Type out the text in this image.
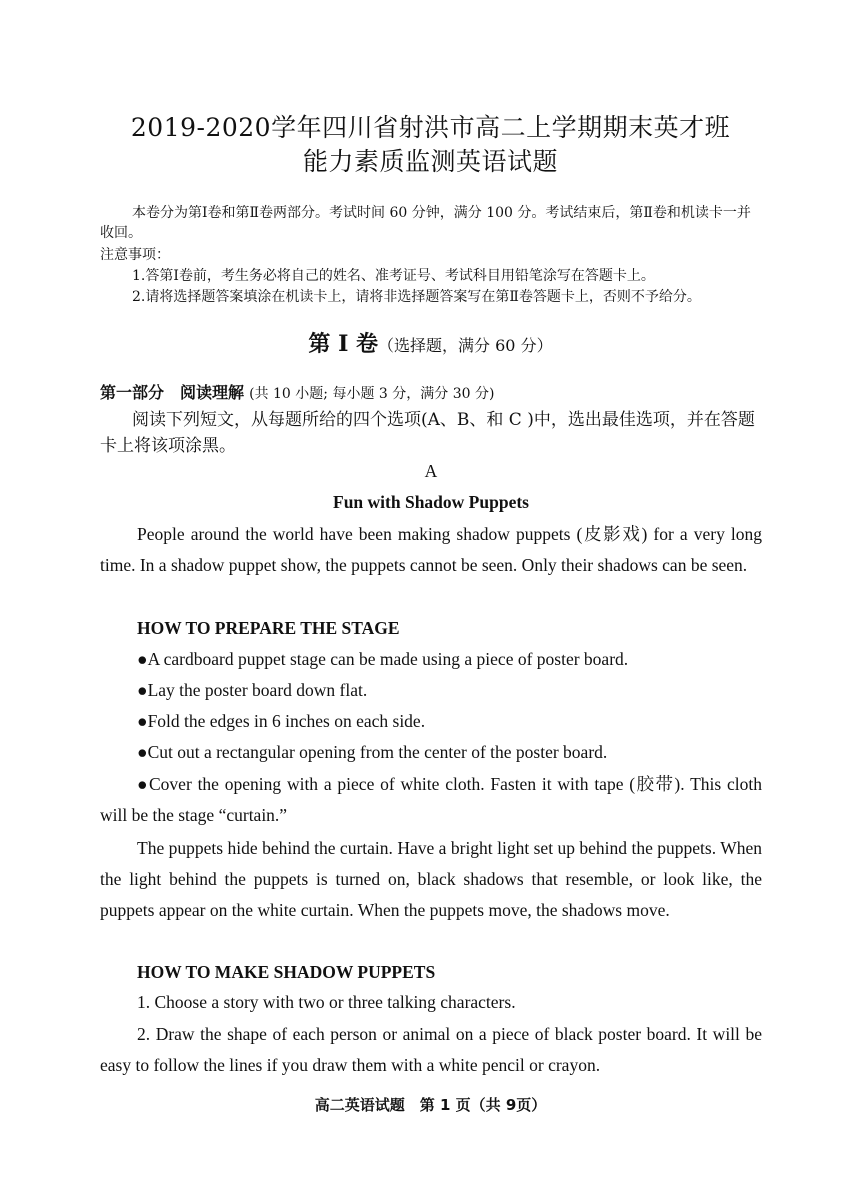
2019-2020学年四川省射洪市高二上学期期末英才班
能力素质监测英语试题
本卷分为第Ⅰ卷和第Ⅱ卷两部分。考试时间 60 分钟，满分 100 分。考试结束后，第Ⅱ卷和机读卡一并收回。
注意事项：
1.答第Ⅰ卷前，考生务必将自己的姓名、准考证号、考试科目用铅笔涂写在答题卡上。
2.请将选择题答案填涂在机读卡上，请将非选择题答案写在第Ⅱ卷答题卡上，否则不予给分。
第 I 卷（选择题，满分 60 分）
第一部分　阅读理解 (共 10 小题; 每小题 3 分，满分 30 分)
阅读下列短文，从每题所给的四个选项(A、B、和 C )中，选出最佳选项，并在答题卡上将该项涂黑。
A
Fun with Shadow Puppets
People around the world have been making shadow puppets (皮影戏) for a very long time. In a shadow puppet show, the puppets cannot be seen. Only their shadows can be seen.
HOW TO PREPARE THE STAGE
●A cardboard puppet stage can be made using a piece of poster board.
●Lay the poster board down flat.
●Fold the edges in 6 inches on each side.
●Cut out a rectangular opening from the center of the poster board.
●Cover the opening with a piece of white cloth. Fasten it with tape (胶带). This cloth will be the stage “curtain.”
The puppets hide behind the curtain. Have a bright light set up behind the puppets. When the light behind the puppets is turned on, black shadows that resemble, or look like, the puppets appear on the white curtain. When the puppets move, the shadows move.
HOW TO MAKE SHADOW PUPPETS
1. Choose a story with two or three talking characters.
2. Draw the shape of each person or animal on a piece of black poster board. It will be easy to follow the lines if you draw them with a white pencil or crayon.
高二英语试题　第 1 页（共 9页）
